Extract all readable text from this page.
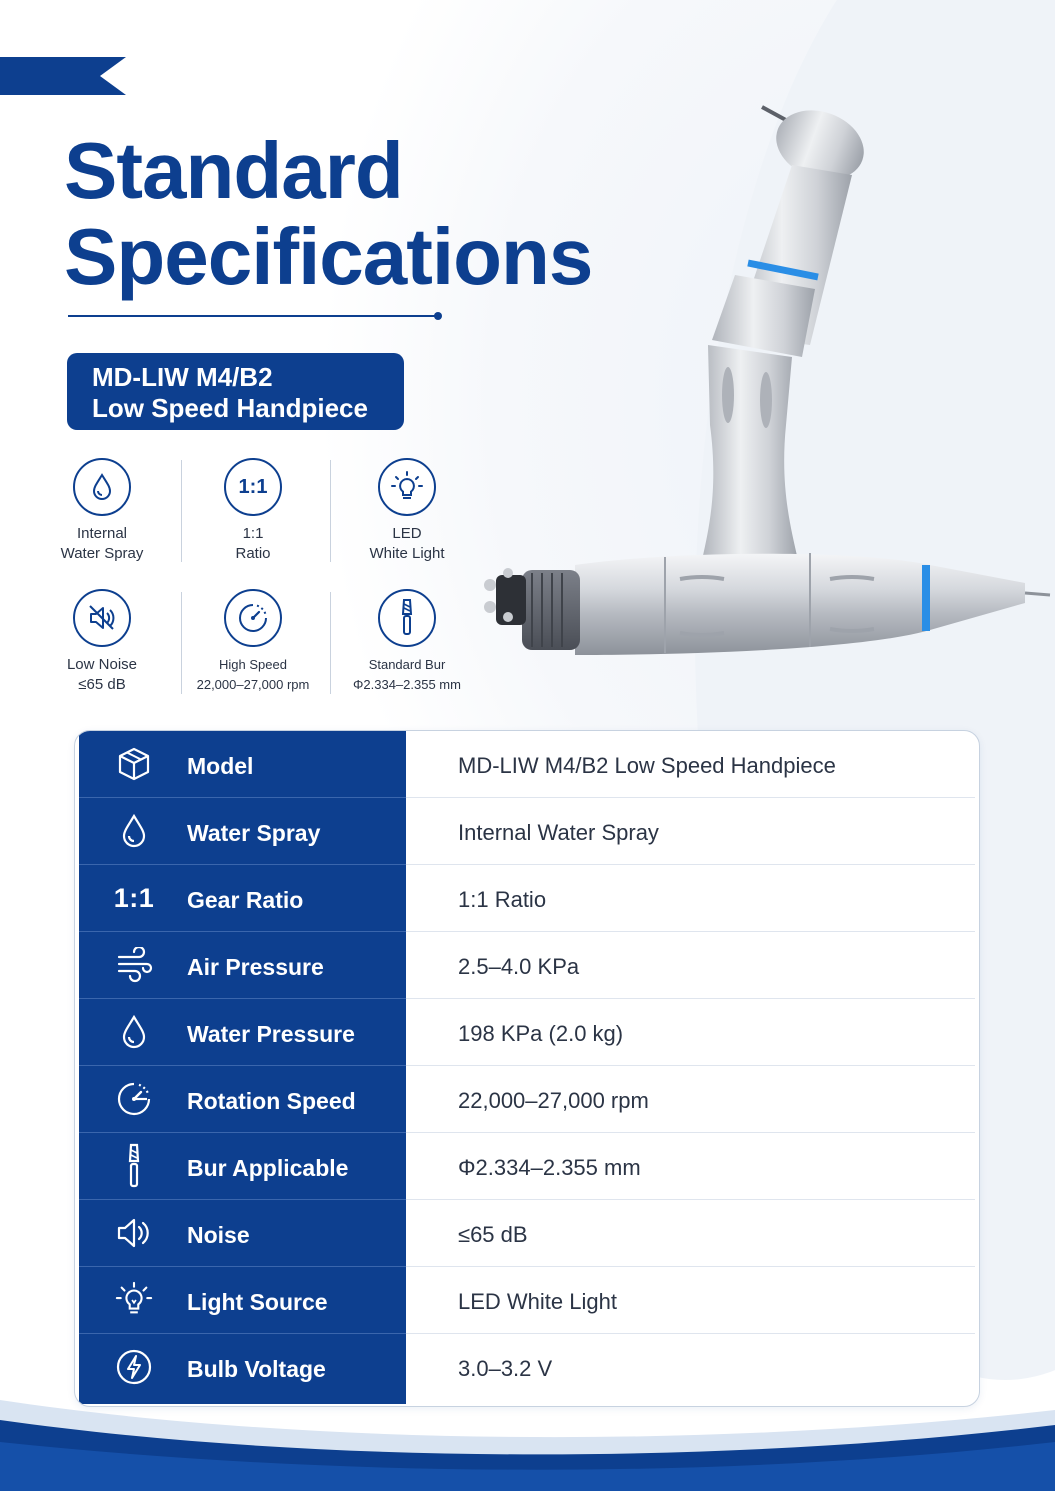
Standard
Specifications
MD-LIW M4/B2
Low Speed Handpiece
Internal
Water Spray
1:1
1:1
Ratio
LED
White Light
Low Noise
≤65 dB
High Speed
22,000–27,000 rpm
Standard Bur
Φ2.334–2.355 mm
Model	MD-LIW M4/B2 Low Speed Handpiece
Water Spray	Internal Water Spray
1:1 Gear Ratio	1:1 Ratio
Air Pressure	2.5–4.0 KPa
Water Pressure	198 KPa (2.0 kg)
Rotation Speed	22,000–27,000 rpm
Bur Applicable	Φ2.334–2.355 mm
Noise	≤65 dB
Light Source	LED White Light
Bulb Voltage	3.0–3.2 V
